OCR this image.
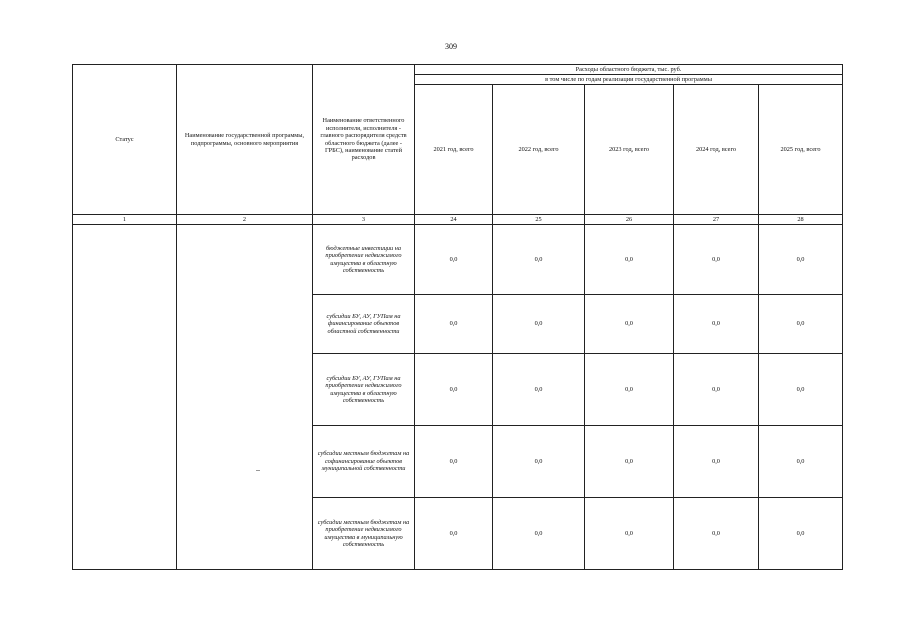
309
Статус	Наименование государственной программы, подпрограммы, основного мероприятия	Наименование ответственного исполнителя, исполнителя - главного распорядителя средств областного бюджета (далее - ГРБС), наименование статей расходов	Расходы областного бюджета, тыс. руб.				
			в том числе по годам реализации государственной программы				
			2021 год, всего	2022 год, всего	2023 год, всего	2024 год, всего	2025 год, всего
1	2	3	24	25	26	27	28
		бюджетные инвестиции на приобретение недвижимого имущества в областную собственность	0,0	0,0	0,0	0,0	0,0
		субсидии БУ, АУ, ГУПам на финансирование объектов областной собственности	0,0	0,0	0,0	0,0	0,0
		субсидии БУ, АУ, ГУПам на приобретение недвижимого имущества в областную собственность	0,0	0,0	0,0	0,0	0,0
		субсидии местным бюджетам на софинансирование объектов муниципальной собственности	0,0	0,0	0,0	0,0	0,0
		субсидии местным бюджетам на приобретение недвижимого имущества в муниципальную собственность	0,0	0,0	0,0	0,0	0,0
